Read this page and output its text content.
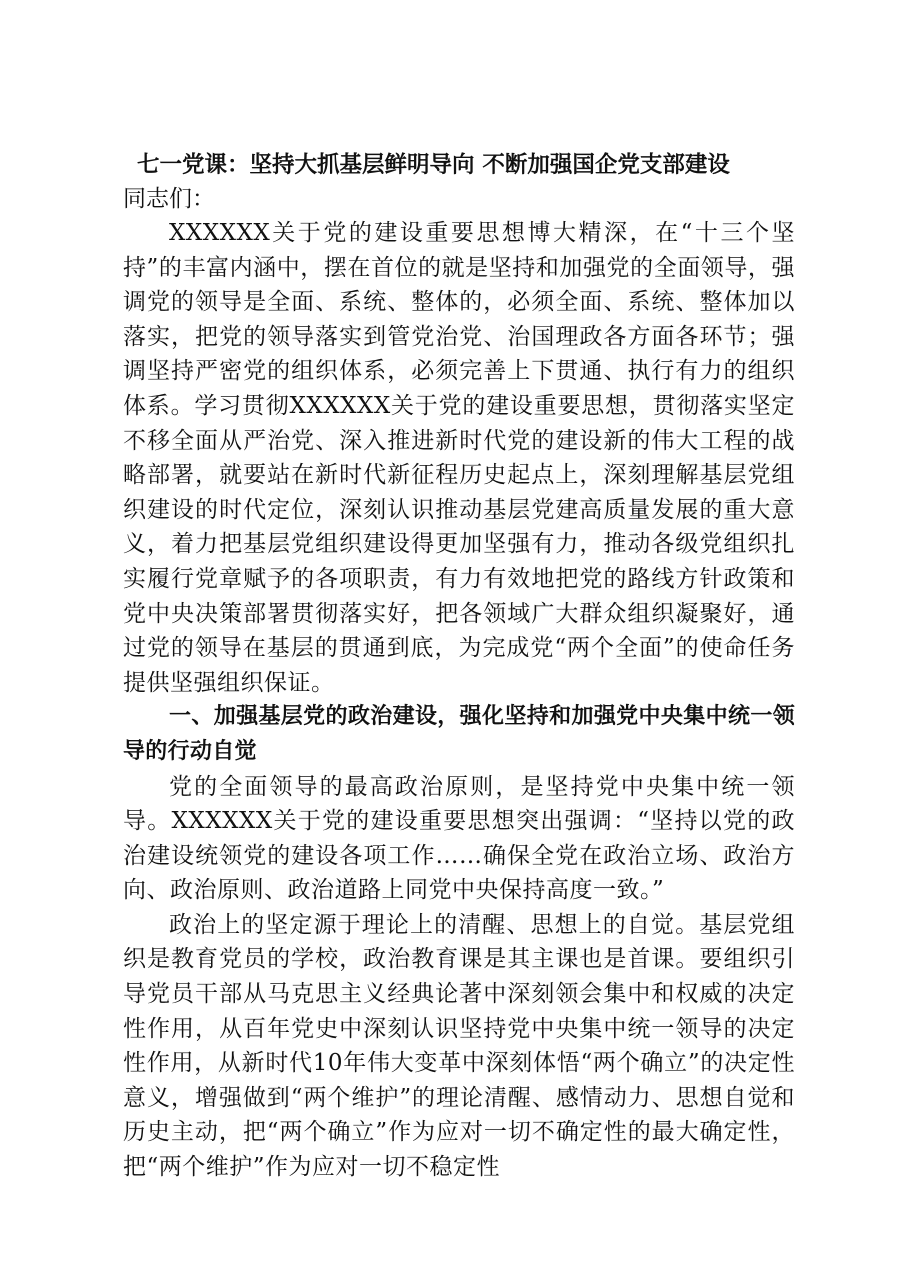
七一党课：坚持大抓基层鲜明导向 不断加强国企党支部建设

同志们：

XXXXXX关于党的建设重要思想博大精深，在“十三个坚持”的丰富内涵中，摆在首位的就是坚持和加强党的全面领导，强调党的领导是全面、系统、整体的，必须全面、系统、整体加以落实，把党的领导落实到管党治党、治国理政各方面各环节；强调坚持严密党的组织体系，必须完善上下贯通、执行有力的组织体系。学习贯彻XXXXXX关于党的建设重要思想，贯彻落实坚定不移全面从严治党、深入推进新时代党的建设新的伟大工程的战略部署，就要站在新时代新征程历史起点上，深刻理解基层党组织建设的时代定位，深刻认识推动基层党建高质量发展的重大意义，着力把基层党组织建设得更加坚强有力，推动各级党组织扎实履行党章赋予的各项职责，有力有效地把党的路线方针政策和党中央决策部署贯彻落实好，把各领域广大群众组织凝聚好，通过党的领导在基层的贯通到底，为完成党“两个全面”的使命任务提供坚强组织保证。

一、加强基层党的政治建设，强化坚持和加强党中央集中统一领导的行动自觉

党的全面领导的最高政治原则，是坚持党中央集中统一领导。XXXXXX关于党的建设重要思想突出强调：“坚持以党的政治建设统领党的建设各项工作……确保全党在政治立场、政治方向、政治原则、政治道路上同党中央保持高度一致。”

政治上的坚定源于理论上的清醒、思想上的自觉。基层党组织是教育党员的学校，政治教育课是其主课也是首课。要组织引导党员干部从马克思主义经典论著中深刻领会集中和权威的决定性作用，从百年党史中深刻认识坚持党中央集中统一领导的决定性作用，从新时代10年伟大变革中深刻体悟“两个确立”的决定性意义，增强做到“两个维护”的理论清醒、感情动力、思想自觉和历史主动，把“两个确立”作为应对一切不确定性的最大确定性，把“两个维护”作为应对一切不稳定性
